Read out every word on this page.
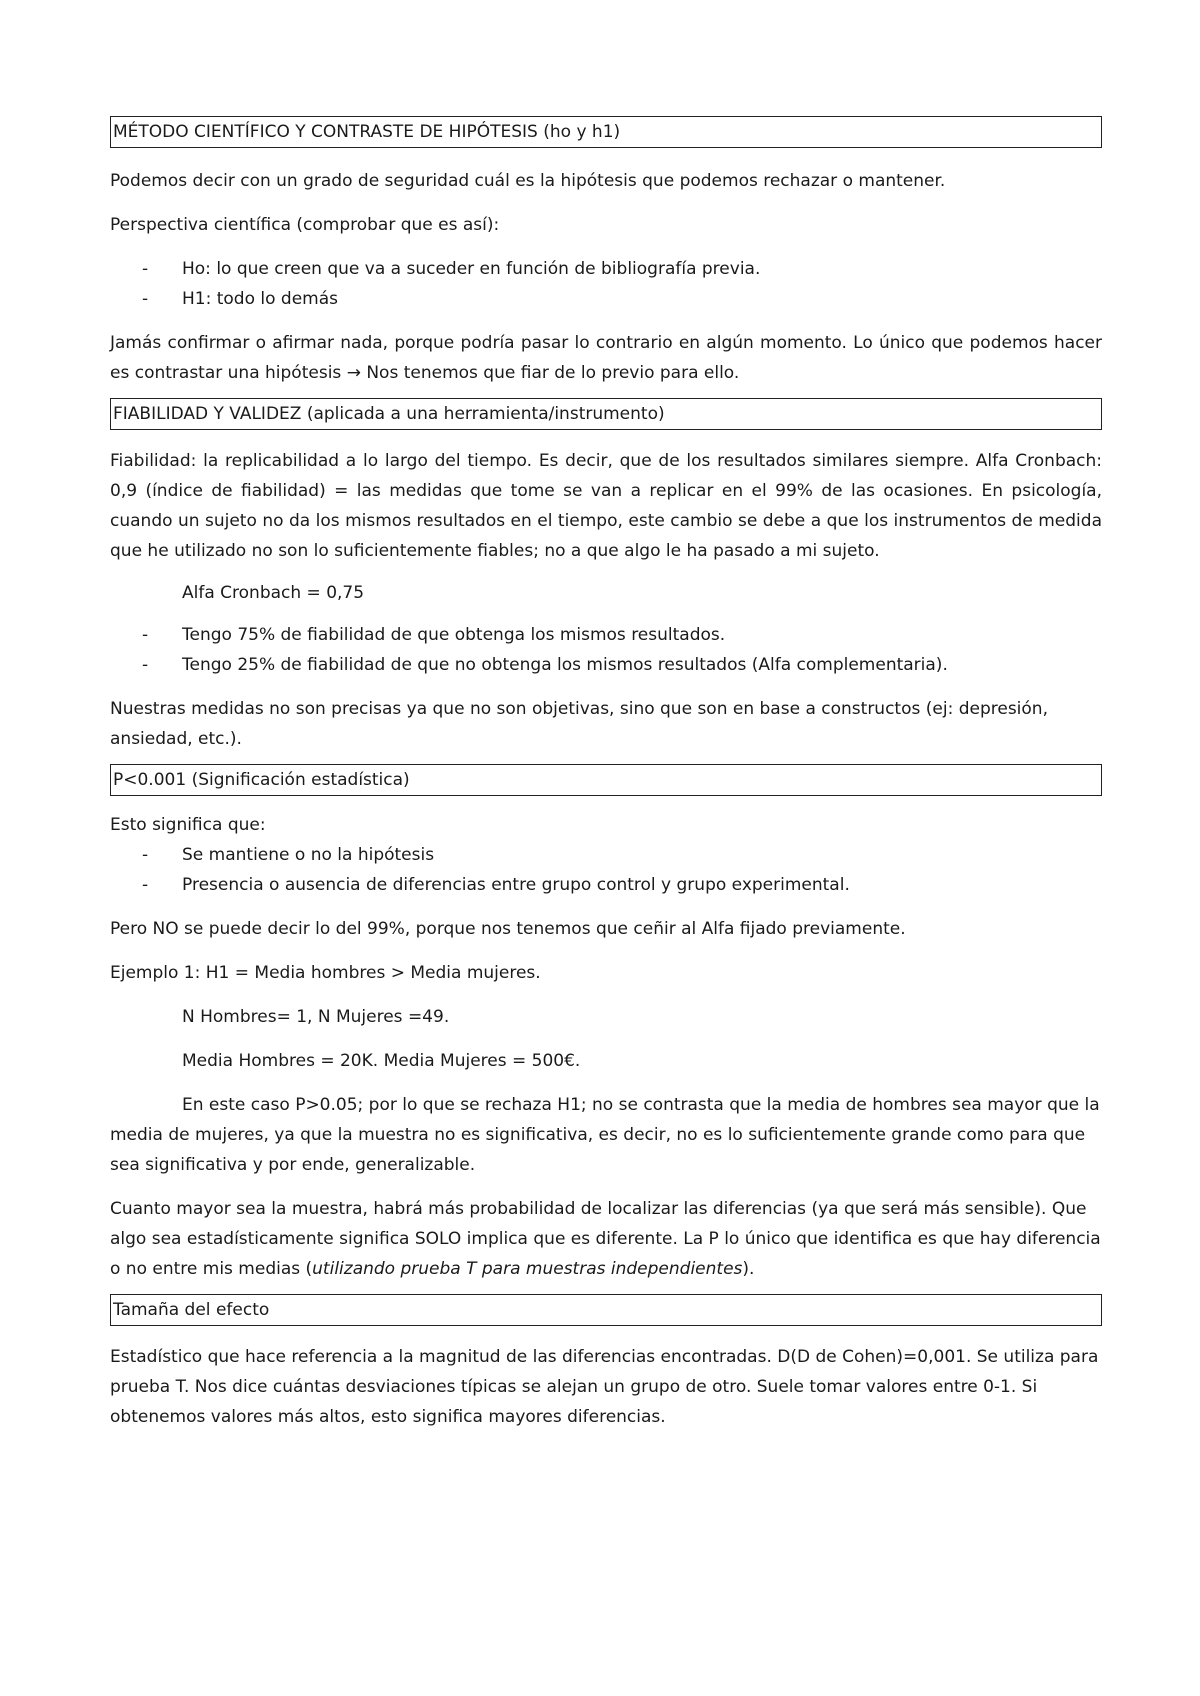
MÉTODO CIENTÍFICO Y CONTRASTE DE HIPÓTESIS (ho y h1)

Podemos decir con un grado de seguridad cuál es la hipótesis que podemos rechazar o mantener.

Perspectiva científica (comprobar que es así):

- Ho: lo que creen que va a suceder en función de bibliografía previa.
- H1: todo lo demás

Jamás confirmar o afirmar nada, porque podría pasar lo contrario en algún momento. Lo único que podemos hacer es contrastar una hipótesis → Nos tenemos que fiar de lo previo para ello.

FIABILIDAD Y VALIDEZ (aplicada a una herramienta/instrumento)

Fiabilidad: la replicabilidad a lo largo del tiempo. Es decir, que de los resultados similares siempre. Alfa Cronbach: 0,9 (índice de fiabilidad) = las medidas que tome se van a replicar en el 99% de las ocasiones. En psicología, cuando un sujeto no da los mismos resultados en el tiempo, este cambio se debe a que los instrumentos de medida que he utilizado no son lo suficientemente fiables; no a que algo le ha pasado a mi sujeto.

Alfa Cronbach = 0,75

- Tengo 75% de fiabilidad de que obtenga los mismos resultados.
- Tengo 25% de fiabilidad de que no obtenga los mismos resultados (Alfa complementaria).

Nuestras medidas no son precisas ya que no son objetivas, sino que son en base a constructos (ej: depresión, ansiedad, etc.).

P<0.001 (Significación estadística)

Esto significa que:

- Se mantiene o no la hipótesis
- Presencia o ausencia de diferencias entre grupo control y grupo experimental.

Pero NO se puede decir lo del 99%, porque nos tenemos que ceñir al Alfa fijado previamente.

Ejemplo 1: H1 = Media hombres > Media mujeres.

N Hombres= 1, N Mujeres =49.

Media Hombres = 20K. Media Mujeres = 500€.

En este caso P>0.05; por lo que se rechaza H1; no se contrasta que la media de hombres sea mayor que la media de mujeres, ya que la muestra no es significativa, es decir, no es lo suficientemente grande como para que sea significativa y por ende, generalizable.

Cuanto mayor sea la muestra, habrá más probabilidad de localizar las diferencias (ya que será más sensible). Que algo sea estadísticamente significa SOLO implica que es diferente. La P lo único que identifica es que hay diferencia o no entre mis medias (utilizando prueba T para muestras independientes).

Tamaña del efecto

Estadístico que hace referencia a la magnitud de las diferencias encontradas. D(D de Cohen)=0,001. Se utiliza para prueba T. Nos dice cuántas desviaciones típicas se alejan un grupo de otro. Suele tomar valores entre 0-1. Si obtenemos valores más altos, esto significa mayores diferencias.
